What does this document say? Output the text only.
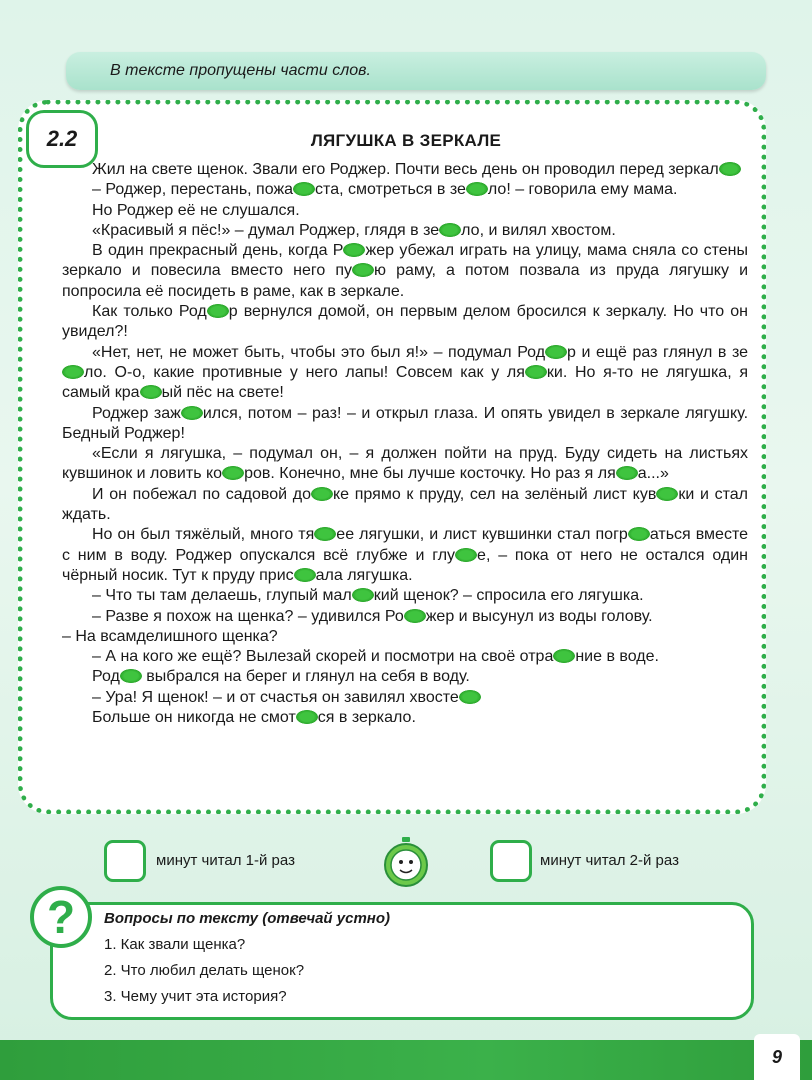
В тексте пропущены части слов.
2.2	ЛЯГУШКА В ЗЕРКАЛЕ

Жил на свете щенок. Звали его Роджер. Почти весь день он проводил перед зеркал

– Роджер, перестань, пожа ста, смотреться в зе ло! – говорила ему мама.

Но Роджер её не слушался.

«Красивый я пёс!» – думал Роджер, глядя в зе ло, и вилял хвостом.

В один прекрасный день, когда Р жер убежал играть на улицу, мама сняла со стены зеркало и повесила вместо него пу ю раму, а потом позвала из пруда лягушку и попросила её посидеть в раме, как в зеркале.

Как только Род р вернулся домой, он первым делом бросился к зеркалу. Но что он увидел?!

«Нет, нет, не может быть, чтобы это был я!» – подумал Род р и ещё раз глянул в зело. О-о, какие противные у него лапы! Совсем как у ля ки. Но я-то не лягушка, я самый кра ый пёс на свете!

Роджер заж ился, потом – раз! – и открыл глаза. И опять увидел в зеркале лягушку. Бедный Роджер!

«Если я лягушка, – подумал он, – я должен пойти на пруд. Буду сидеть на листьях кувшинок и ловить ко ров. Конечно, мне бы лучше косточку. Но раз я ля а...»

И он побежал по садовой до ке прямо к пруду, сел на зелёный лист кув ки и стал ждать.

Но он был тяжёлый, много тя ее лягушки, и лист кувшинки стал погр аться вместе с ним в воду. Роджер опускался всё глубже и глу е, – пока от него не остался один чёрный носик. Тут к пруду прис ала лягушка.

– Что ты там делаешь, глупый мал кий щенок? – спросила его лягушка.

– Разве я похож на щенка? – удивился Ро жер и высунул из воды голову.

– На всамделишного щенка?

– А на кого же ещё? Вылезай скорей и посмотри на своё отра ние в воде.

Род выбрался на берег и глянул на себя в воду.

– Ура! Я щенок! – и от счастья он завилял хвосте

Больше он никогда не смот ся в зеркало.

минут читал 1-й раз	минут читал 2-й раз
?	Вопросы по тексту (отвечай устно)
1. Как звали щенка?
2. Что любил делать щенок?
3. Чему учит эта история?
9
